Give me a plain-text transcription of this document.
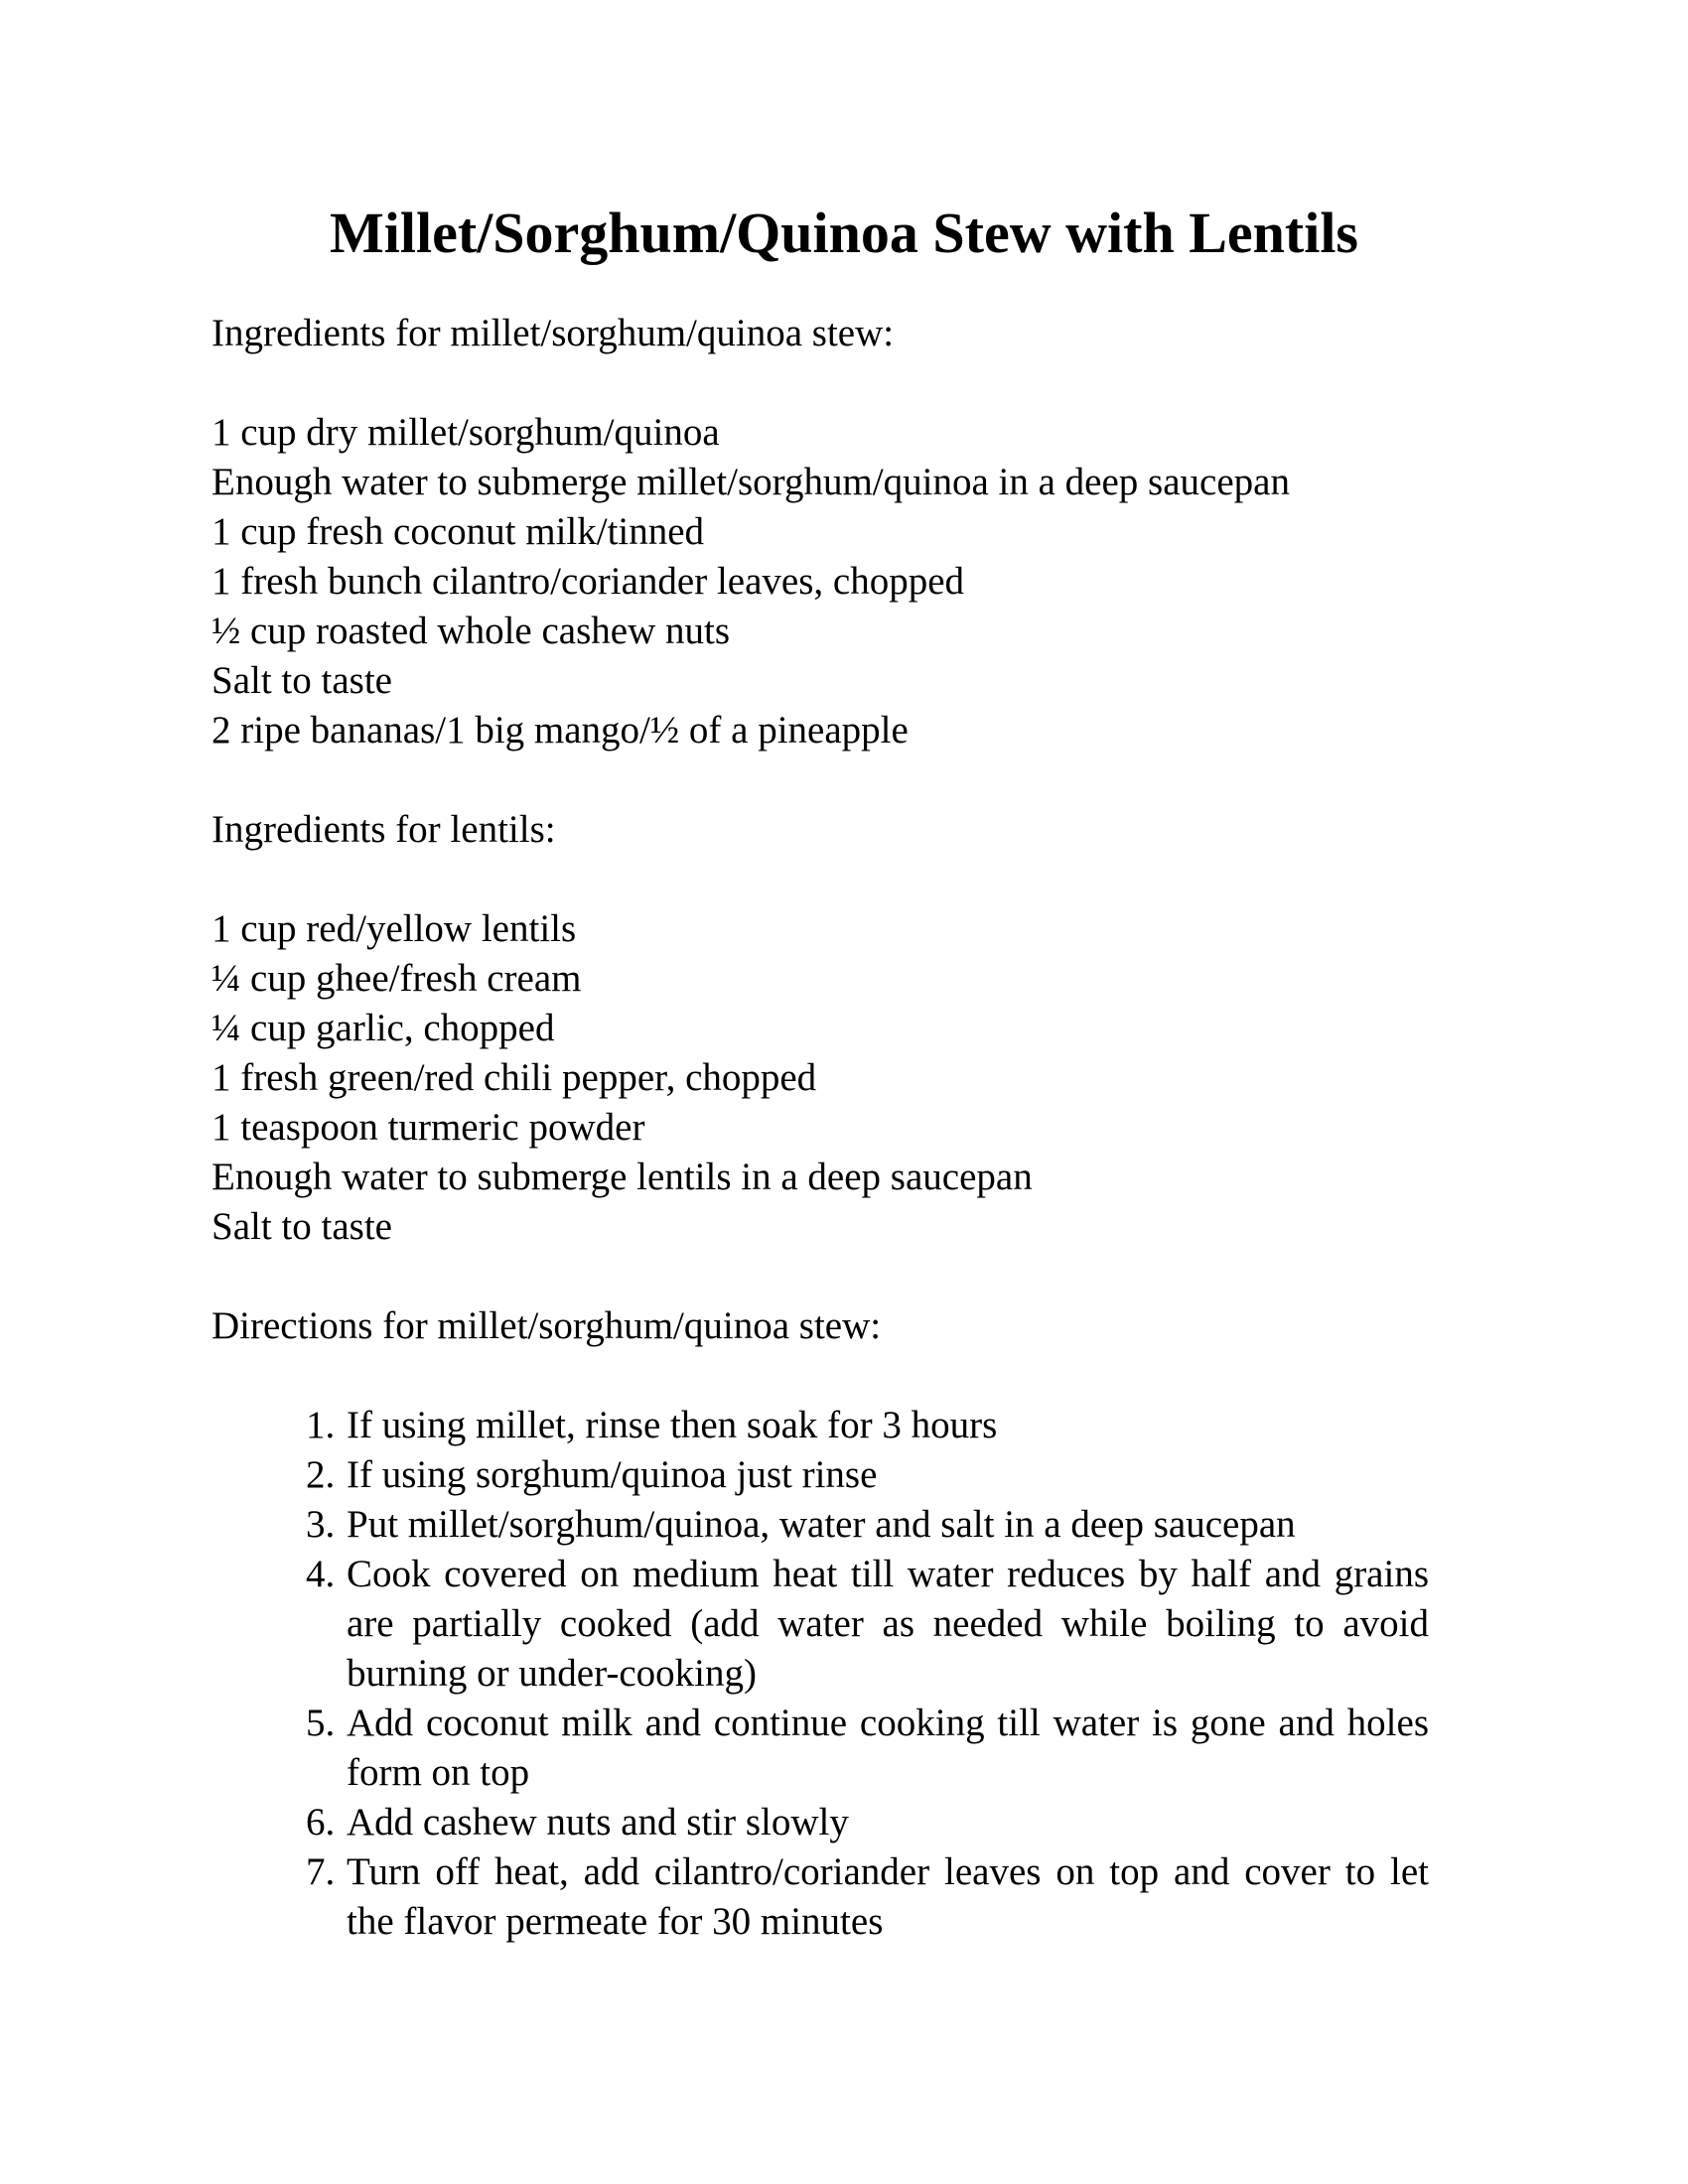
Millet/Sorghum/Quinoa Stew with Lentils

Ingredients for millet/sorghum/quinoa stew:

1 cup dry millet/sorghum/quinoa
Enough water to submerge millet/sorghum/quinoa in a deep saucepan
1 cup fresh coconut milk/tinned
1 fresh bunch cilantro/coriander leaves, chopped
½ cup roasted whole cashew nuts
Salt to taste
2 ripe bananas/1 big mango/½ of a pineapple

Ingredients for lentils:

1 cup red/yellow lentils
¼ cup ghee/fresh cream
¼ cup garlic, chopped
1 fresh green/red chili pepper, chopped
1 teaspoon turmeric powder
Enough water to submerge lentils in a deep saucepan
Salt to taste

Directions for millet/sorghum/quinoa stew:

1. If using millet, rinse then soak for 3 hours
2. If using sorghum/quinoa just rinse
3. Put millet/sorghum/quinoa, water and salt in a deep saucepan
4. Cook covered on medium heat till water reduces by half and grains are partially cooked (add water as needed while boiling to avoid burning or under-cooking)
5. Add coconut milk and continue cooking till water is gone and holes form on top
6. Add cashew nuts and stir slowly
7. Turn off heat, add cilantro/coriander leaves on top and cover to let the flavor permeate for 30 minutes
